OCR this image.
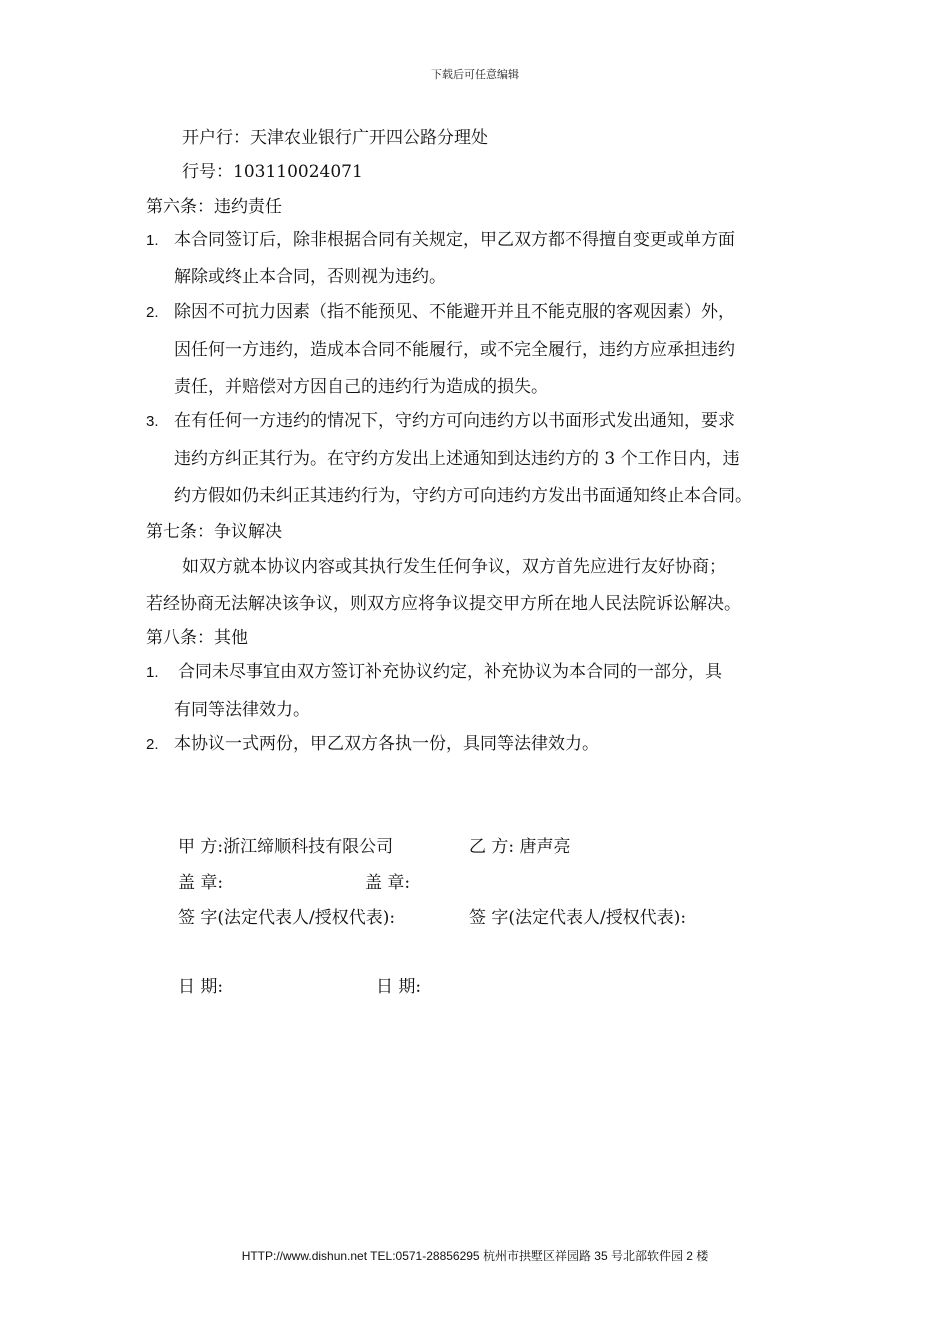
下载后可任意编辑
开户行：天津农业银行广开四公路分理处
行号：103110024071
第六条：违约责任
1. 本合同签订后，除非根据合同有关规定，甲乙双方都不得擅自变更或单方面
解除或终止本合同，否则视为违约。
2. 除因不可抗力因素（指不能预见、不能避开并且不能克服的客观因素）外，
因任何一方违约，造成本合同不能履行，或不完全履行，违约方应承担违约
责任，并赔偿对方因自己的违约行为造成的损失。
3. 在有任何一方违约的情况下，守约方可向违约方以书面形式发出通知，要求
违约方纠正其行为。在守约方发出上述通知到达违约方的 3 个工作日内，违
约方假如仍未纠正其违约行为，守约方可向违约方发出书面通知终止本合同。
第七条：争议解决
如双方就本协议内容或其执行发生任何争议，双方首先应进行友好协商；
若经协商无法解决该争议，则双方应将争议提交甲方所在地人民法院诉讼解决。
第八条：其他
1. 合同未尽事宜由双方签订补充协议约定，补充协议为本合同的一部分，具
有同等法律效力。
2. 本协议一式两份，甲乙双方各执一份，具同等法律效力。
甲 方:浙江缔顺科技有限公司	乙 方: 唐声亮
盖 章:	盖 章:
签 字(法定代表人/授权代表):	签 字(法定代表人/授权代表):
日 期:	日 期:
HTTP://www.dishun.net TEL:0571-28856295 杭州市拱墅区祥园路 35 号北部软件园 2 楼
